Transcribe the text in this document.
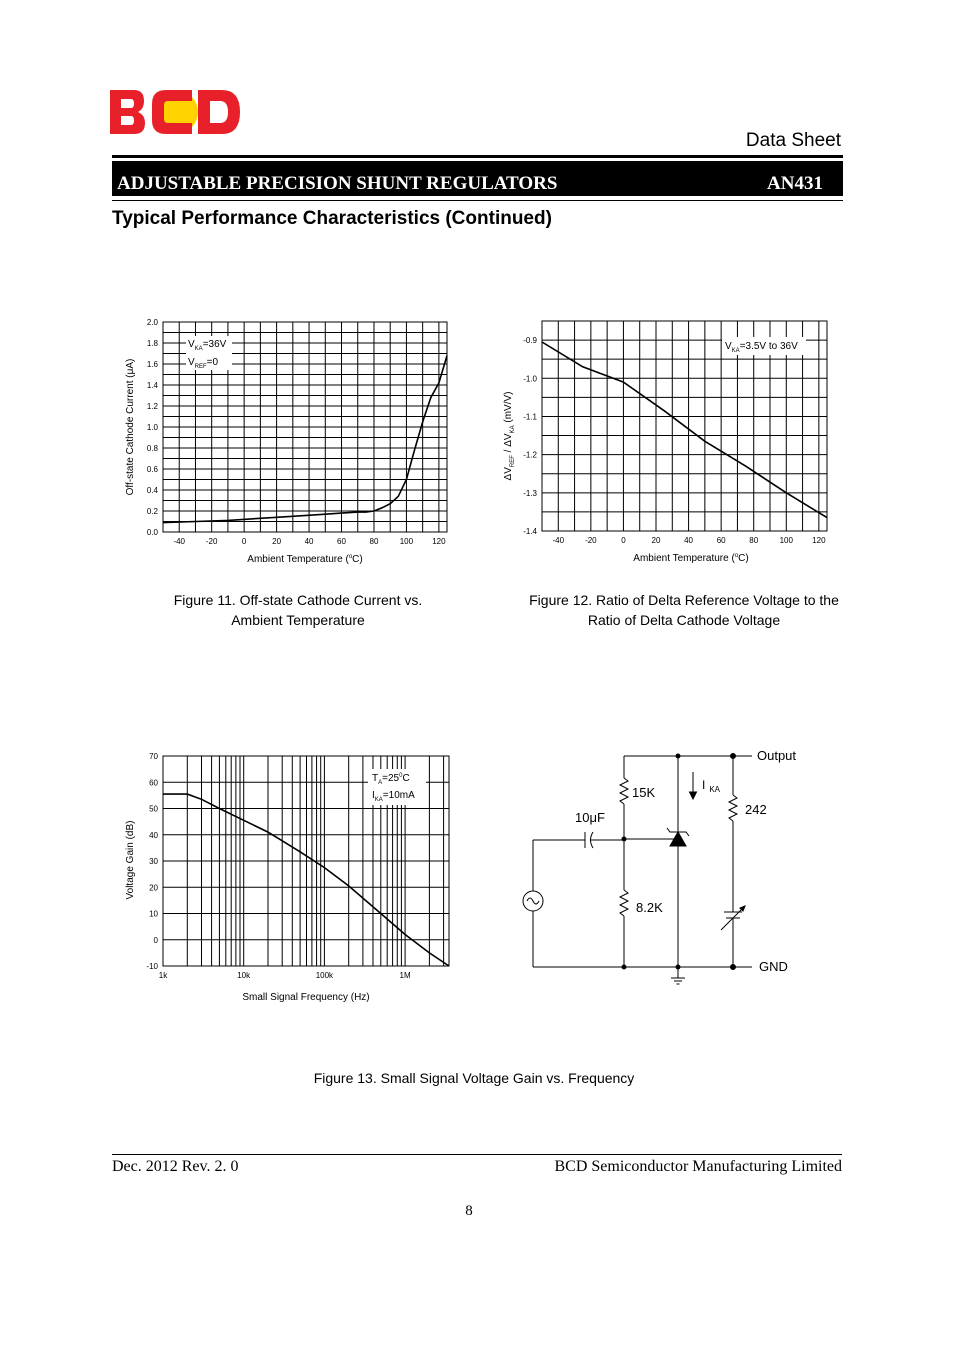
Data Sheet
ADJUSTABLE PRECISION SHUNT REGULATORS	AN431
Typical Performance Characteristics (Continued)
-40	-20	0	20	40	60	80	100 120
0.0
0.2
0.4
0.6
0.8
1.0
1.2
1.4
1.6
1.8
2.0
$V_{KA}=36V$
$V_{REF}=0$
Off-state Cathode Current (μA)
Ambient Temperature ($^o$C)
-40	-20	0	20	40	60	80	100 120
-0.9
-1.0
-1.1
-1.2
-1.3
-1.4
$V_{KA}=3.5V$ to 36V
$\Delta V_{REF} / \Delta V_{KA}$ (mV/V)
Ambient Temperature ($^o$C)
Figure 11. Off-state Cathode Current vs.
Ambient Temperature
Figure 12. Ratio of Delta Reference Voltage to the
Ratio of Delta Cathode Voltage
1k	10k	100k	1M
-10
0
10
20
30
40
50
60
70
$T_A=25^0C$
$I_{KA}=10mA$
Voltage Gain (dB)
Small Signal Frequency (Hz)
Output
GND
15K
8.2K
242
10μF
I $_{KA}$
Figure 13. Small Signal Voltage Gain vs. Frequency
Dec. 2012 Rev. 2. 0	BCD Semiconductor Manufacturing Limited
8
